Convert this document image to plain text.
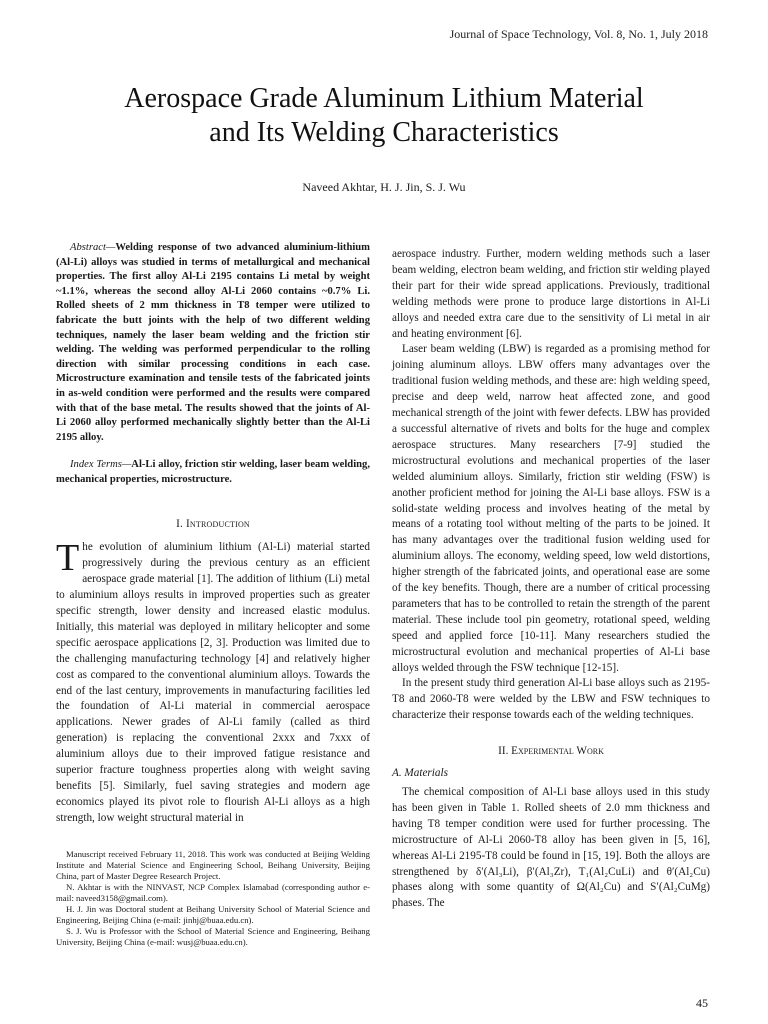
Journal of Space Technology, Vol. 8, No. 1, July 2018
Aerospace Grade Aluminum Lithium Material
and Its Welding Characteristics
Naveed Akhtar, H. J. Jin, S. J. Wu

Abstract—Welding response of two advanced aluminium-lithium (Al-Li) alloys was studied in terms of metallurgical and mechanical properties. The first alloy Al-Li 2195 contains Li metal by weight ~1.1%, whereas the second alloy Al-Li 2060 contains ~0.7% Li. Rolled sheets of 2 mm thickness in T8 temper were utilized to fabricate the butt joints with the help of two different welding techniques, namely the laser beam welding and the friction stir welding. The welding was performed perpendicular to the rolling direction with similar processing conditions in each case. Microstructure examination and tensile tests of the fabricated joints in as-weld condition were performed and the results were compared with that of the base metal. The results showed that the joints of Al-Li 2060 alloy performed mechanically slightly better than the Al-Li 2195 alloy.

Index Terms—Al-Li alloy, friction stir welding, laser beam welding, mechanical properties, microstructure.

I. Introduction

The evolution of aluminium lithium (Al-Li) material started progressively during the previous century as an efficient aerospace grade material [1]. The addition of lithium (Li) metal to aluminium alloys results in improved properties such as greater specific strength, lower density and increased elastic modulus. Initially, this material was deployed in military helicopter and some specific aerospace applications [2, 3]. Production was limited due to the challenging manufacturing technology [4] and relatively higher cost as compared to the conventional aluminium alloys. Towards the end of the last century, improvements in manufacturing facilities led the foundation of Al-Li material in commercial aerospace applications. Newer grades of Al-Li family (called as third generation) is replacing the conventional 2xxx and 7xxx of aluminium alloys due to their improved fatigue resistance and superior fracture toughness properties along with weight saving benefits [5]. Similarly, fuel saving strategies and modern age economics played its pivot role to flourish Al-Li alloys as a high strength, low weight structural material in

Manuscript received February 11, 2018. This work was conducted at Beijing Welding Institute and Material Science and Engineering School, Beihang University, Beijing China, part of Master Degree Research Project.

N. Akhtar is with the NINVAST, NCP Complex Islamabad (corresponding author e-mail: naveed3158@gmail.com).

H. J. Jin was Doctoral student at Beihang University School of Material Science and Engineering, Beijing China (e-mail: jinhj@buaa.edu.cn).

S. J. Wu is Professor with the School of Material Science and Engineering, Beihang University, Beijing China (e-mail: wusj@buaa.edu.cn).

aerospace industry. Further, modern welding methods such a laser beam welding, electron beam welding, and friction stir welding played their part for their wide spread applications. Previously, traditional welding methods were prone to produce large distortions in Al-Li alloys and needed extra care due to the sensitivity of Li metal in air and heating environment [6].

Laser beam welding (LBW) is regarded as a promising method for joining aluminum alloys. LBW offers many advantages over the traditional fusion welding methods, and these are: high welding speed, precise and deep weld, narrow heat affected zone, and good mechanical strength of the joint with fewer defects. LBW has provided a successful alternative of rivets and bolts for the huge and complex aerospace structures. Many researchers [7-9] studied the microstructural evolutions and mechanical properties of the laser welded aluminium alloys. Similarly, friction stir welding (FSW) is another proficient method for joining the Al-Li base alloys. FSW is a solid-state welding process and involves heating of the metal by means of a rotating tool without melting of the parts to be joined. It has many advantages over the traditional fusion welding used for aluminium alloys. The economy, welding speed, low weld distortions, higher strength of the fabricated joints, and operational ease are some of the key benefits. Though, there are a number of critical processing parameters that has to be controlled to retain the strength of the parent material. These include tool pin geometry, rotational speed, welding speed and applied force [10-11]. Many researchers studied the microstructural evolution and mechanical properties of Al-Li base alloys welded through the FSW technique [12-15].

In the present study third generation Al-Li base alloys such as 2195-T8 and 2060-T8 were welded by the LBW and FSW techniques to characterize their response towards each of the welding techniques.

II. Experimental Work

A. Materials

The chemical composition of Al-Li base alloys used in this study has been given in Table 1. Rolled sheets of 2.0 mm thickness and having T8 temper condition were used for further processing. The microstructure of Al-Li 2060-T8 alloy has been given in [5, 16], whereas Al-Li 2195-T8 could be found in [15, 19]. Both the alloys are strengthened by δ′(Al₃Li), β′(Al₃Zr), T₁(Al₂CuLi) and θ′(Al₂Cu) phases along with some quantity of Ω(Al₂Cu) and S′(Al₂CuMg) phases. The

45
